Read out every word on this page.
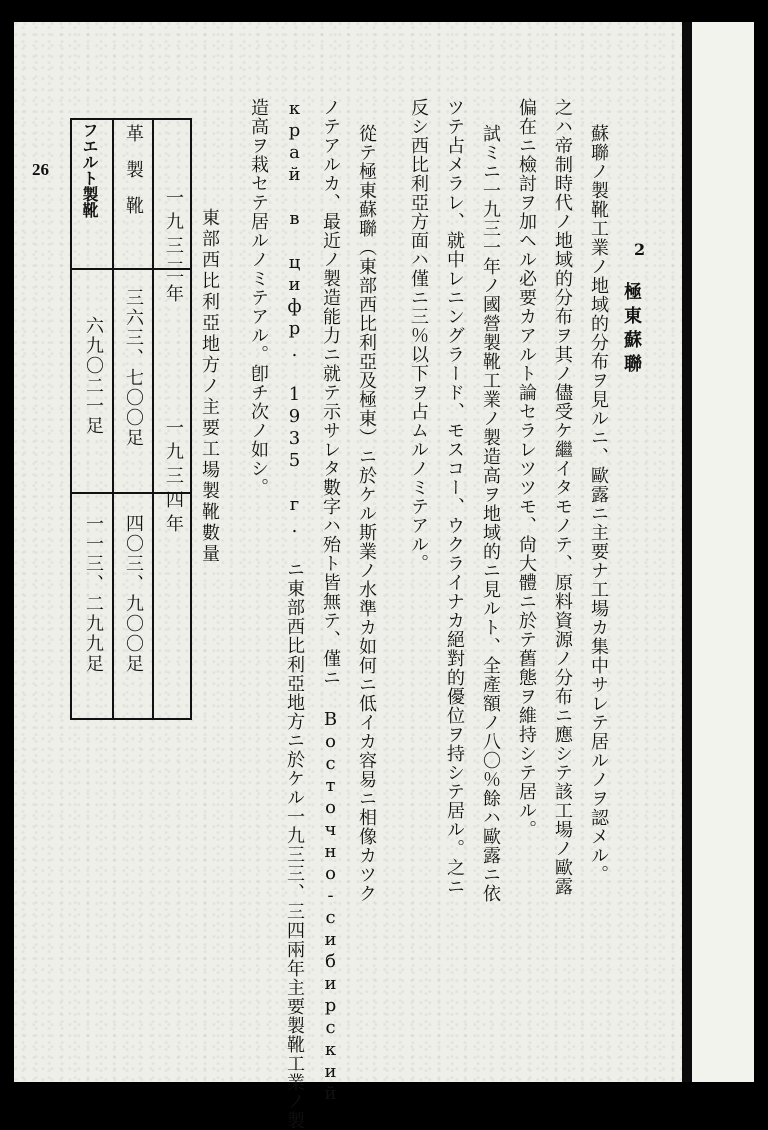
26
2
極東蘇聯
蘇聯ノ製靴工業ノ地域的分布ヲ見ルニ、歐露ニ主要ナ工場カ集中サレテ居ルノヲ認メル。
之ハ帝制時代ノ地域的分布ヲ其ノ儘受ケ繼イタモノテ、原料資源ノ分布ニ應シテ該工場ノ歐露
偏在ニ檢討ヲ加ヘル必要カアルト論セラレツツモ、尙大體ニ於テ舊態ヲ維持シテ居ル。
試ミニ一九三一年ノ國營製靴工業ノ製造高ヲ地域的ニ見ルト、全產額ノ八〇％餘ハ歐露ニ依
ツテ占メラレ、就中レニングラード、モスコー、ウクライナカ絕對的優位ヲ持シテ居ル。之ニ
反シ西比利亞方面ハ僅ニ三％以下ヲ占ムルノミテアル。
從テ極東蘇聯（東部西比利亞及極東）ニ於ケル斯業ノ水準カ如何ニ低イカ容易ニ相像カツク
ノテアルカ、最近ノ製造能力ニ就テ示サレタ數字ハ殆ト皆無テ、僅ニ Восточно-сибирский
край в цифр. 1935 г. ニ東部西比利亞地方ニ於ケル一九三三、三四兩年主要製靴工業ノ製
造高ヲ栽セテ居ルノミテアル。卽チ次ノ如シ。
東部西比利亞地方ノ主要工場製靴數量
一九三三年
一九三四年
革製靴
三六三、七〇〇足
四〇三、九〇〇足
フエルト製靴
六九〇二一足
一一三、二九九足
